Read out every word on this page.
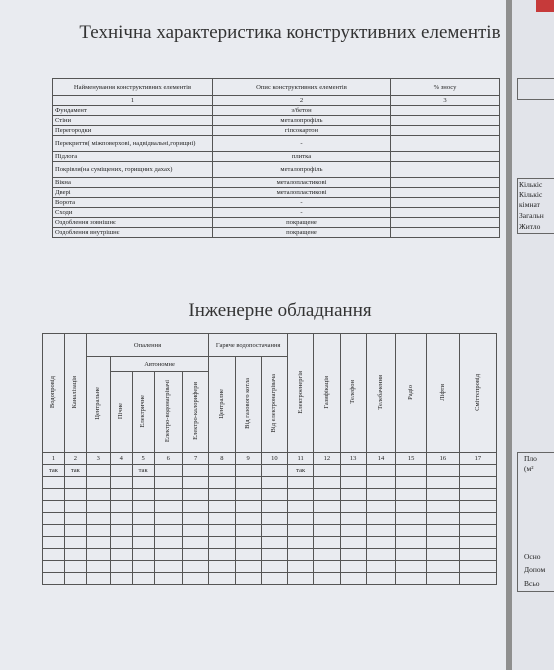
Технічна характеристика конструктивних елементів
Найменування конструктивних елементів	Опис конструктивних елементів	% зносу
1	2	3
Фундамент	з/бетон	
Стіни	металопрофіль	
Перегородки	гіпсокартон	
Перекриття( міжповерхові, надвідвальні,горищні)	-	
Підлога	плитка	
Покрівля(на суміщених, горищних дахах)	металопрофіль	
Вікна	металопластикові	
Двері	металопластикові	
Ворота	-	
Сходи	-	
Оздоблення зовнішнє	покращене	
Оздоблення внутрішнє	покращене	
Інженерне обладнання
Водопровід	Каналізація	Опалення					Гаряче водопостачання			Електроенергія	Газифікація	Телефон	Телебачення	Радіо	Ліфти	Сміттєпровід
		Центральне	Автономне				Централне	Від газового котла	Від електронагрівача							
			Пічне	Електричне	Електро-водонагрівачі	Електро-калорифери										
1	2	3	4	5	6	7	8	9	10	11	12	13	14	15	16	17
так	так			так						так						

Кількіс
Кількіс
кімнат
Загальн
Житло
Пло
(м²
Осно
Допом
Всьо
